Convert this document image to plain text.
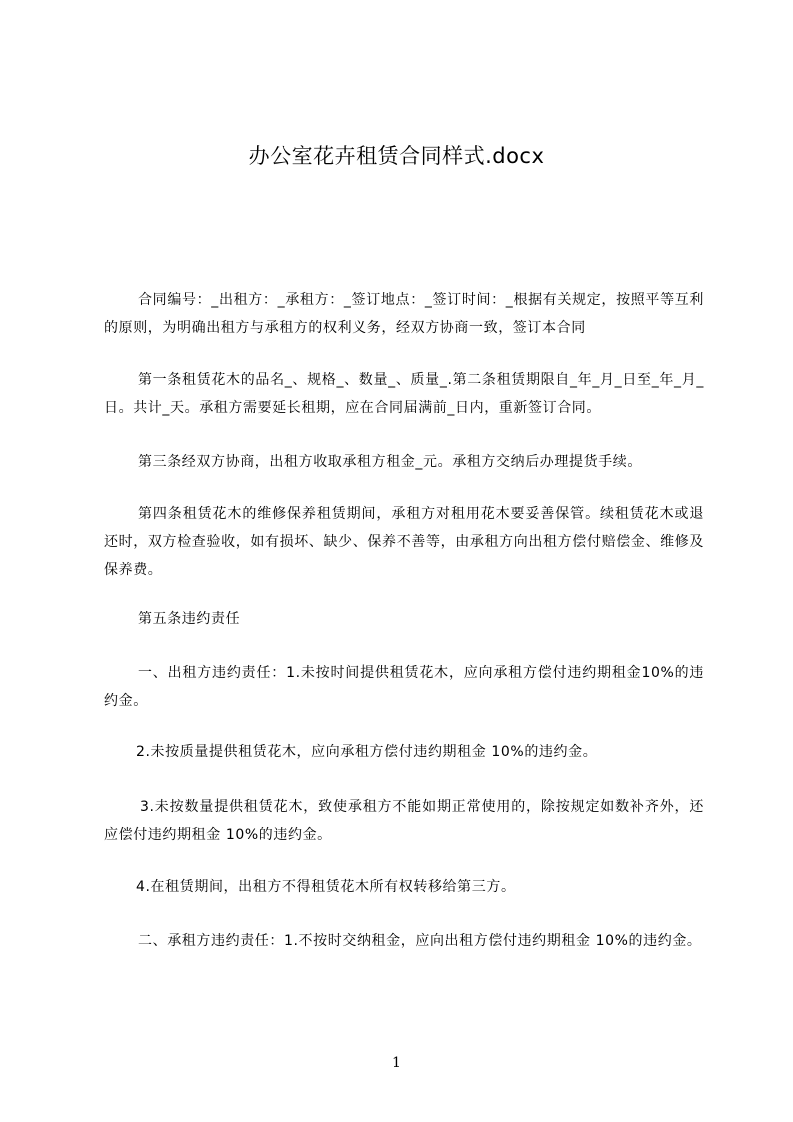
办公室花卉租赁合同样式.docx

合同编号：_出租方：_承租方：_签订地点：_签订时间：_根据有关规定，按照平等互利的原则，为明确出租方与承租方的权利义务，经双方协商一致，签订本合同

第一条租赁花木的品名_、规格_、数量_、质量_.第二条租赁期限自_年_月_日至_年_月_日。共计_天。承租方需要延长租期，应在合同届满前_日内，重新签订合同。

第三条经双方协商，出租方收取承租方租金_元。承租方交纳后办理提货手续。

第四条租赁花木的维修保养租赁期间，承租方对租用花木要妥善保管。续租赁花木或退还时，双方检查验收，如有损坏、缺少、保养不善等，由承租方向出租方偿付赔偿金、维修及保养费。

第五条违约责任

一、出租方违约责任：1.未按时间提供租赁花木，应向承租方偿付违约期租金10%的违约金。

2.未按质量提供租赁花木，应向承租方偿付违约期租金 10%的违约金。

3.未按数量提供租赁花木，致使承租方不能如期正常使用的，除按规定如数补齐外，还应偿付违约期租金 10%的违约金。

4.在租赁期间，出租方不得租赁花木所有权转移给第三方。

二、承租方违约责任：1.不按时交纳租金，应向出租方偿付违约期租金 10%的违约金。

1
